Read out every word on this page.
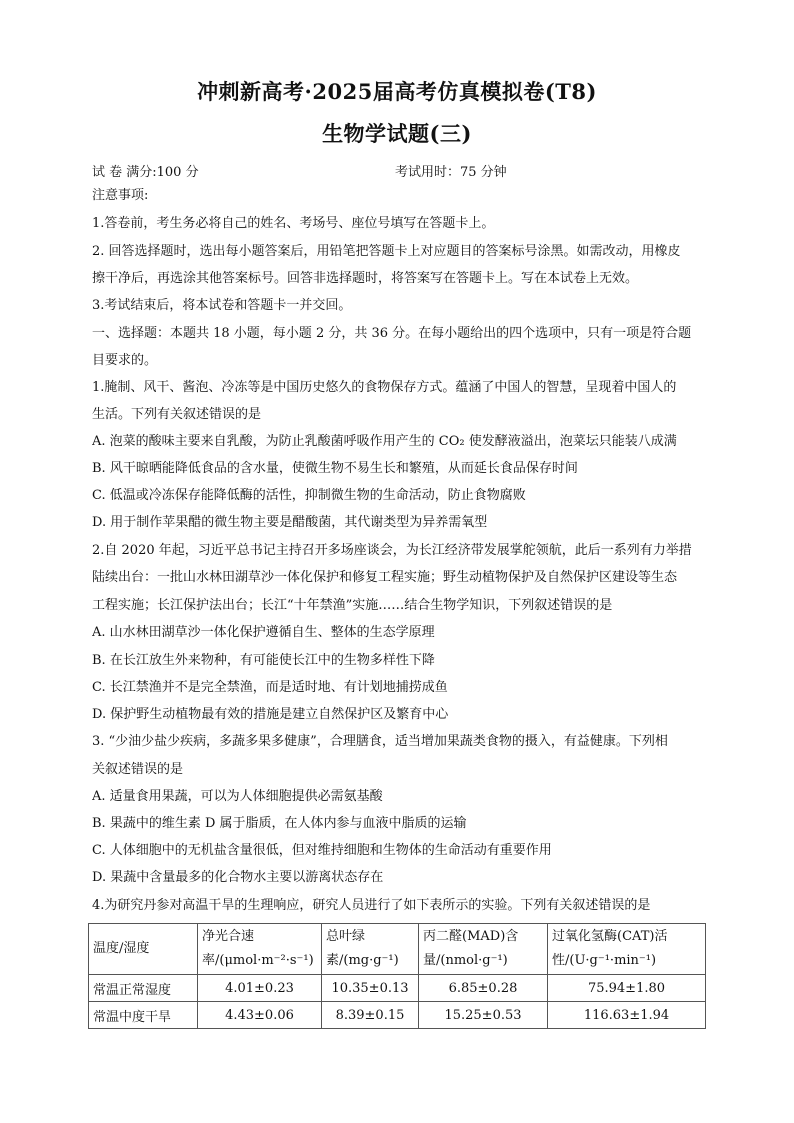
冲刺新高考·2025届高考仿真模拟卷(T8)
生物学试题(三)
试 卷 满分:100 分	考试用时：75 分钟
注意事项:
1.答卷前，考生务必将自己的姓名、考场号、座位号填写在答题卡上。
2. 回答选择题时，选出每小题答案后，用铅笔把答题卡上对应题目的答案标号涂黑。如需改动，用橡皮
擦干净后，再选涂其他答案标号。回答非选择题时，将答案写在答题卡上。写在本试卷上无效。
3.考试结束后，将本试卷和答题卡一并交回。
一、选择题：本题共 18 小题，每小题 2 分，共 36 分。在每小题给出的四个选项中，只有一项是符合题
目要求的。
1.腌制、风干、酱泡、冷冻等是中国历史悠久的食物保存方式。蕴涵了中国人的智慧，呈现着中国人的
生活。下列有关叙述错误的是
A. 泡菜的酸味主要来自乳酸，为防止乳酸菌呼吸作用产生的 CO₂ 使发酵液溢出，泡菜坛只能装八成满
B. 风干晾晒能降低食品的含水量，使微生物不易生长和繁殖，从而延长食品保存时间
C. 低温或冷冻保存能降低酶的活性，抑制微生物的生命活动，防止食物腐败
D. 用于制作苹果醋的微生物主要是醋酸菌，其代谢类型为异养需氧型
2.自 2020 年起，习近平总书记主持召开多场座谈会，为长江经济带发展掌舵领航，此后一系列有力举措
陆续出台：一批山水林田湖草沙一体化保护和修复工程实施；野生动植物保护及自然保护区建设等生态
工程实施；长江保护法出台；长江“十年禁渔”实施……结合生物学知识，下列叙述错误的是
A. 山水林田湖草沙一体化保护遵循自生、整体的生态学原理
B. 在长江放生外来物种，有可能使长江中的生物多样性下降
C. 长江禁渔并不是完全禁渔，而是适时地、有计划地捕捞成鱼
D. 保护野生动植物最有效的措施是建立自然保护区及繁育中心
3. “少油少盐少疾病，多蔬多果多健康”，合理膳食，适当增加果蔬类食物的摄入，有益健康。下列相
关叙述错误的是
A. 适量食用果蔬，可以为人体细胞提供必需氨基酸
B. 果蔬中的维生素 D 属于脂质，在人体内参与血液中脂质的运输
C. 人体细胞中的无机盐含量很低，但对维持细胞和生物体的生命活动有重要作用
D. 果蔬中含量最多的化合物水主要以游离状态存在
4.为研究丹参对高温干旱的生理响应，研究人员进行了如下表所示的实验。下列有关叙述错误的是
温度/湿度	净光合速率/(μmol·m⁻²·s⁻¹)	总叶绿素/(mg·g⁻¹)	丙二醛(MAD)含量/(nmol·g⁻¹)	过氧化氢酶(CAT)活性/(U·g⁻¹·min⁻¹)
常温正常湿度	4.01±0.23	10.35±0.13	6.85±0.28	75.94±1.80
常温中度干旱	4.43±0.06	8.39±0.15	15.25±0.53	116.63±1.94
